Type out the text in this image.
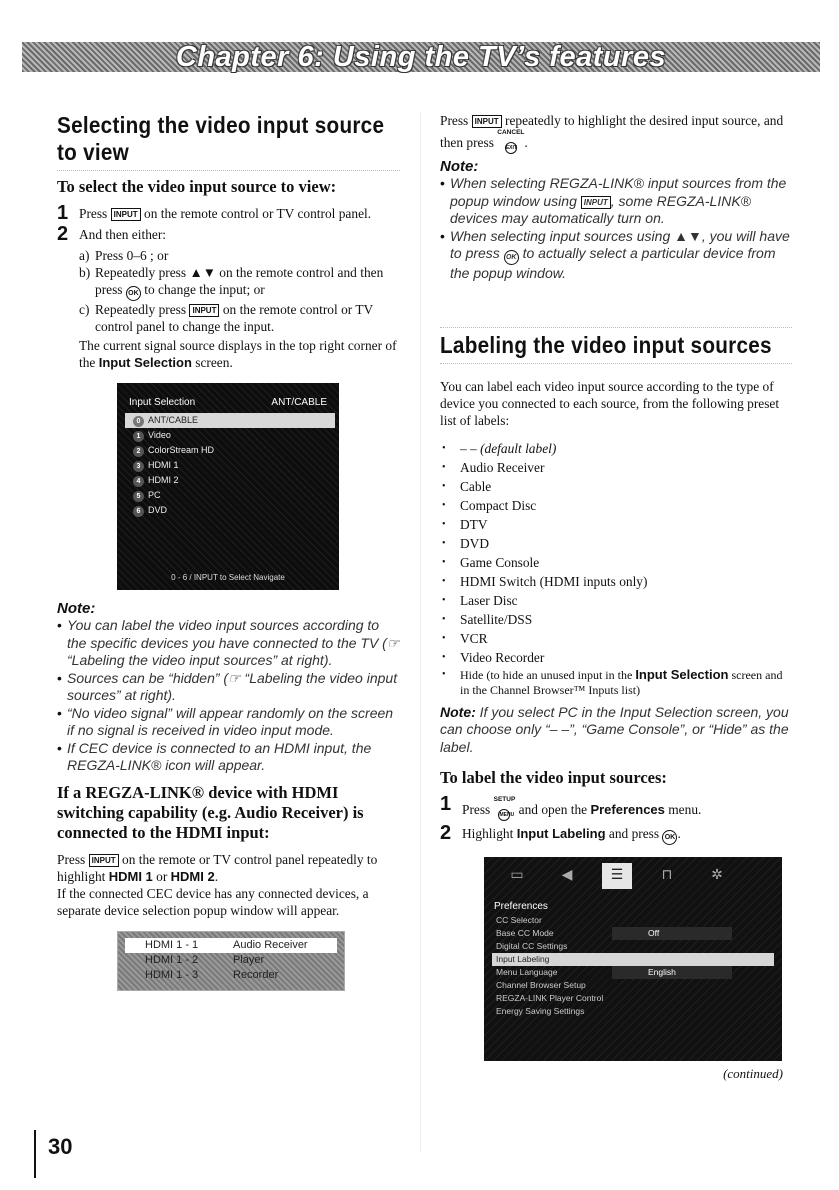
Chapter 6: Using the TV’s features
Selecting the video input source to view
To select the video input source to view:
1 Press INPUT on the remote control or TV control panel.

2 And then either:

a) Press 0–6 ; or

b) Repeatedly press ▲▼ on the remote control and then press OK to change the input; or

c) Repeatedly press INPUT on the remote control or TV control panel to change the input.

The current signal source displays in the top right corner of the Input Selection screen.

Input Selection	ANT/CABLE
0 ANT/CABLE
1 Video
2 ColorStream HD
3 HDMI 1
4 HDMI 2
5 PC
6 DVD
0 - 6 / INPUT to Select Navigate
Note:
• You can label the video input sources according to the specific devices you have connected to the TV (☞ “Labeling the video input sources” at right).
• Sources can be “hidden” (☞ “Labeling the video input sources” at right).
• “No video signal” will appear randomly on the screen if no signal is received in video input mode.
• If CEC device is connected to an HDMI input, the REGZA-LINK® icon will appear.
If a REGZA-LINK® device with HDMI switching capability (e.g. Audio Receiver) is connected to the HDMI input:

Press INPUT on the remote or TV control panel repeatedly to highlight HDMI 1 or HDMI 2.

If the connected CEC device has any connected devices, a separate device selection popup window will appear.

HDMI 1 - 1	Audio Receiver
HDMI 1 - 2	Player
HDMI 1 - 3	Recorder

Press INPUT repeatedly to highlight the desired input source, and then press
CANCEL
EXIT .

Note:
• When selecting REGZA-LINK® input sources from the popup window using INPUT , some REGZA-LINK® devices may automatically turn on.
• When selecting input sources using ▲▼, you will have to press OK to actually select a particular device from the popup window.
Labeling the video input sources

You can label each video input source according to the type of device you connected to each source, from the following preset list of labels:

• – – (default label)
• Audio Receiver
• Cable
• Compact Disc
• DTV
• DVD
• Game Console
• HDMI Switch (HDMI inputs only)
• Laser Disc
• Satellite/DSS
• VCR
• Video Recorder
• Hide (to hide an unused input in the Input Selection screen and in the Channel Browser™ Inputs list)

Note: If you select PC in the Input Selection screen, you can choose only “– –”, “Game Console”, or “Hide” as the label.

To label the video input sources:
1 Press
SETUP
MENU and open the Preferences menu.

2 Highlight Input Labeling and press OK .

▭	◀	☰	⊓	✲
Preferences
CC Selector
Base CC Mode	Off
Digital CC Settings
Input Labeling
Menu Language	English
Channel Browser Setup
REGZA-LINK Player Control
Energy Saving Settings
(continued)
30
